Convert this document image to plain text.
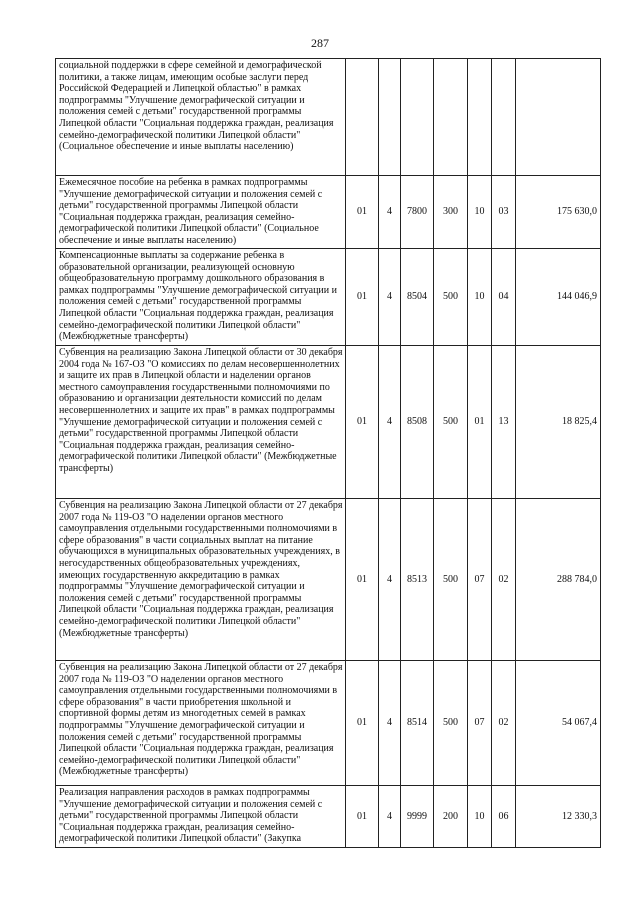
287
социальной поддержки в сфере семейной и демографической политики, а также лицам, имеющим особые заслуги перед Российской Федерацией и Липецкой областью" в рамках подпрограммы "Улучшение демографической ситуации и положения семей с детьми" государственной программы Липецкой области "Социальная поддержка граждан, реализация семейно-демографической политики Липецкой области" (Социальное обеспечение и иные выплаты населению)							
Ежемесячное пособие на ребенка в рамках подпрограммы "Улучшение демографической ситуации и положения семей с детьми" государственной программы Липецкой области "Социальная поддержка граждан, реализация семейно-демографической политики Липецкой области" (Социальное обеспечение и иные выплаты населению)	01	4	7800	300	10	03	175 630,0
Компенсационные выплаты за содержание ребенка в образовательной организации, реализующей основную общеобразовательную программу дошкольного образования в рамках подпрограммы "Улучшение демографической ситуации и положения семей с детьми" государственной программы Липецкой области "Социальная поддержка граждан, реализация семейно-демографической политики Липецкой области" (Межбюджетные трансферты)	01	4	8504	500	10	04	144 046,9
Субвенция на реализацию Закона Липецкой области от 30 декабря 2004 года № 167-ОЗ "О комиссиях по делам несовершеннолетних и защите их прав в Липецкой области и наделении органов местного самоуправления государственными полномочиями по образованию и организации деятельности комиссий по делам несовершеннолетних и защите их прав" в рамках подпрограммы "Улучшение демографической ситуации и положения семей с детьми" государственной программы Липецкой области "Социальная поддержка граждан, реализация семейно-демографической политики Липецкой области" (Межбюджетные трансферты)	01	4	8508	500	01	13	18 825,4
Субвенция на реализацию Закона Липецкой области от 27 декабря 2007 года № 119-ОЗ "О наделении органов местного самоуправления отдельными государственными полномочиями в сфере образования" в части социальных выплат на питание обучающихся в муниципальных образовательных учреждениях, в негосударственных общеобразовательных учреждениях, имеющих государственную аккредитацию в рамках подпрограммы "Улучшение демографической ситуации и положения семей с детьми" государственной программы Липецкой области "Социальная поддержка граждан, реализация семейно-демографической политики Липецкой области" (Межбюджетные трансферты)	01	4	8513	500	07	02	288 784,0
Субвенция на реализацию Закона Липецкой области от 27 декабря 2007 года № 119-ОЗ "О наделении органов местного самоуправления отдельными государственными полномочиями в сфере образования" в части приобретения школьной и спортивной формы детям из многодетных семей в рамках подпрограммы "Улучшение демографической ситуации и положения семей с детьми" государственной программы Липецкой области "Социальная поддержка граждан, реализация семейно-демографической политики Липецкой области" (Межбюджетные трансферты)	01	4	8514	500	07	02	54 067,4
Реализация направления расходов в рамках подпрограммы "Улучшение демографической ситуации и положения семей с детьми" государственной программы Липецкой области "Социальная поддержка граждан, реализация семейно-демографической политики Липецкой области" (Закупка	01	4	9999	200	10	06	12 330,3
